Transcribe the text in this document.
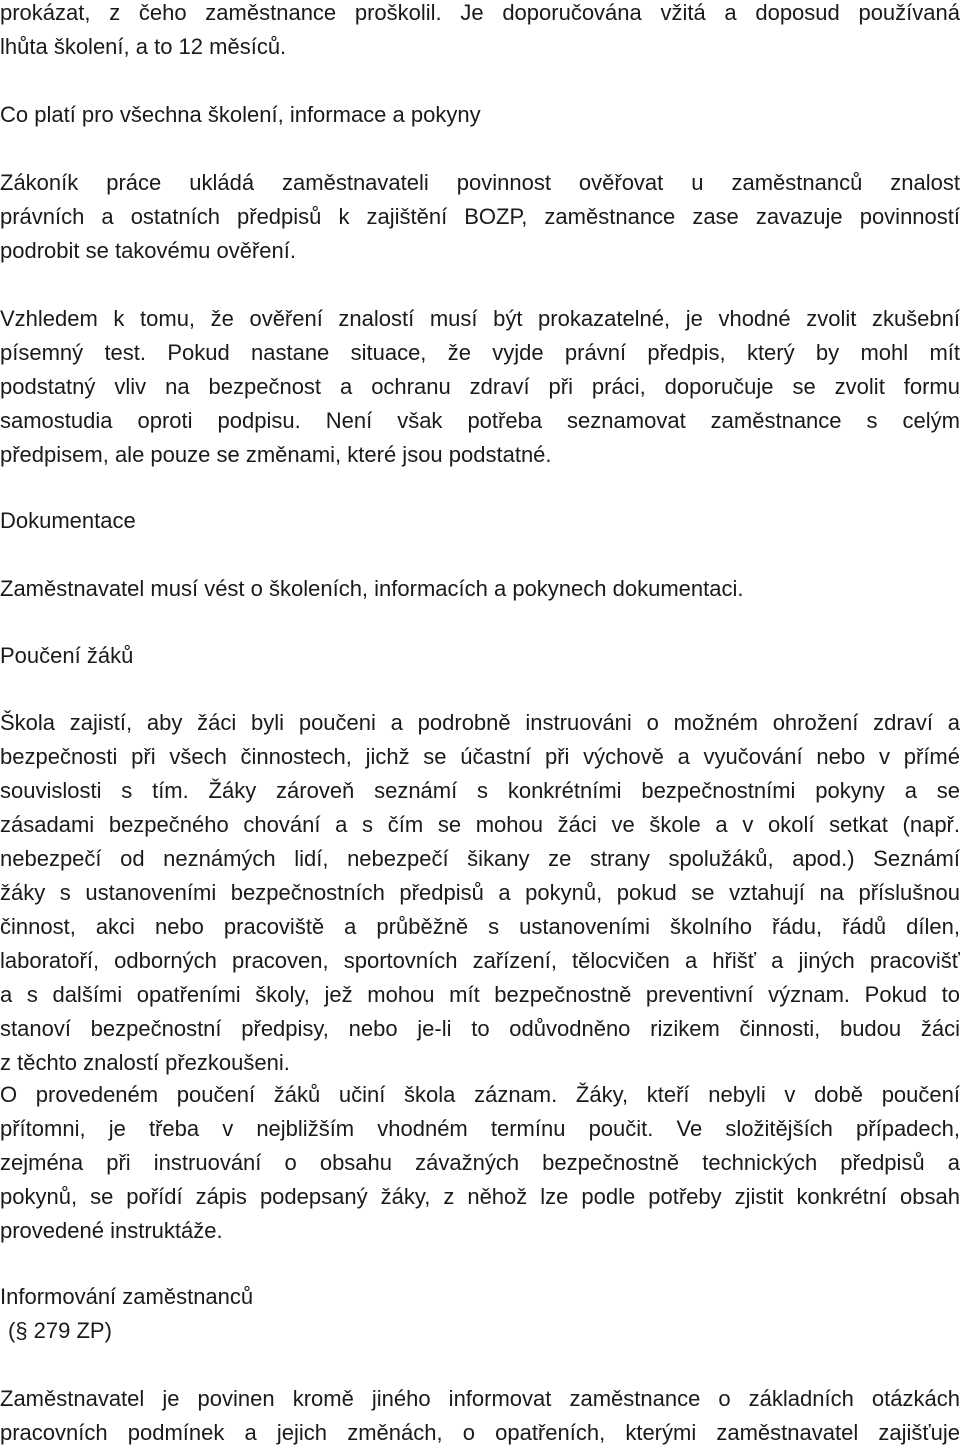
prokázat, z čeho zaměstnance proškolil. Je doporučována vžitá a doposud používaná
lhůta školení, a to 12 měsíců.
Co platí pro všechna školení, informace a pokyny
Zákoník práce ukládá zaměstnavateli povinnost ověřovat u zaměstnanců znalost
právních a ostatních předpisů k zajištění BOZP, zaměstnance zase zavazuje povinností
podrobit se takovému ověření.
Vzhledem k tomu, že ověření znalostí musí být prokazatelné, je vhodné zvolit zkušební
písemný test. Pokud nastane situace, že vyjde právní předpis, který by mohl mít
podstatný vliv na bezpečnost a ochranu zdraví při práci, doporučuje se zvolit formu
samostudia oproti podpisu. Není však potřeba seznamovat zaměstnance s celým
předpisem, ale pouze se změnami, které jsou podstatné.
Dokumentace
Zaměstnavatel musí vést o školeních, informacích a pokynech dokumentaci.
Poučení žáků
Škola zajistí, aby žáci byli poučeni a podrobně instruováni o možném ohrožení zdraví a
bezpečnosti při všech činnostech, jichž se účastní při výchově a vyučování nebo v přímé
souvislosti s tím. Žáky zároveň seznámí s konkrétními bezpečnostními pokyny a se
zásadami bezpečného chování a s čím se mohou žáci ve škole a v okolí setkat (např.
nebezpečí od neznámých lidí, nebezpečí šikany ze strany spolužáků, apod.) Seznámí
žáky s ustanoveními bezpečnostních předpisů a pokynů, pokud se vztahují na příslušnou
činnost, akci nebo pracoviště a průběžně s ustanoveními školního řádu, řádů dílen,
laboratoří, odborných pracoven, sportovních zařízení, tělocvičen a hřišť a jiných pracovišť
a s dalšími opatřeními školy, jež mohou mít bezpečnostně preventivní význam. Pokud to
stanoví bezpečnostní předpisy, nebo je-li to odůvodněno rizikem činnosti, budou žáci
z těchto znalostí přezkoušeni.
O provedeném poučení žáků učiní škola záznam. Žáky, kteří nebyli v době poučení
přítomni, je třeba v nejbližším vhodném termínu poučit. Ve složitějších případech,
zejména při instruování o obsahu závažných bezpečnostně technických předpisů a
pokynů, se pořídí zápis podepsaný žáky, z něhož lze podle potřeby zjistit konkrétní obsah
provedené instruktáže.
Informování zaměstnanců
(§ 279 ZP)
Zaměstnavatel je povinen kromě jiného informovat zaměstnance o základních otázkách
pracovních podmínek a jejich změnách, o opatřeních, kterými zaměstnavatel zajišťuje
